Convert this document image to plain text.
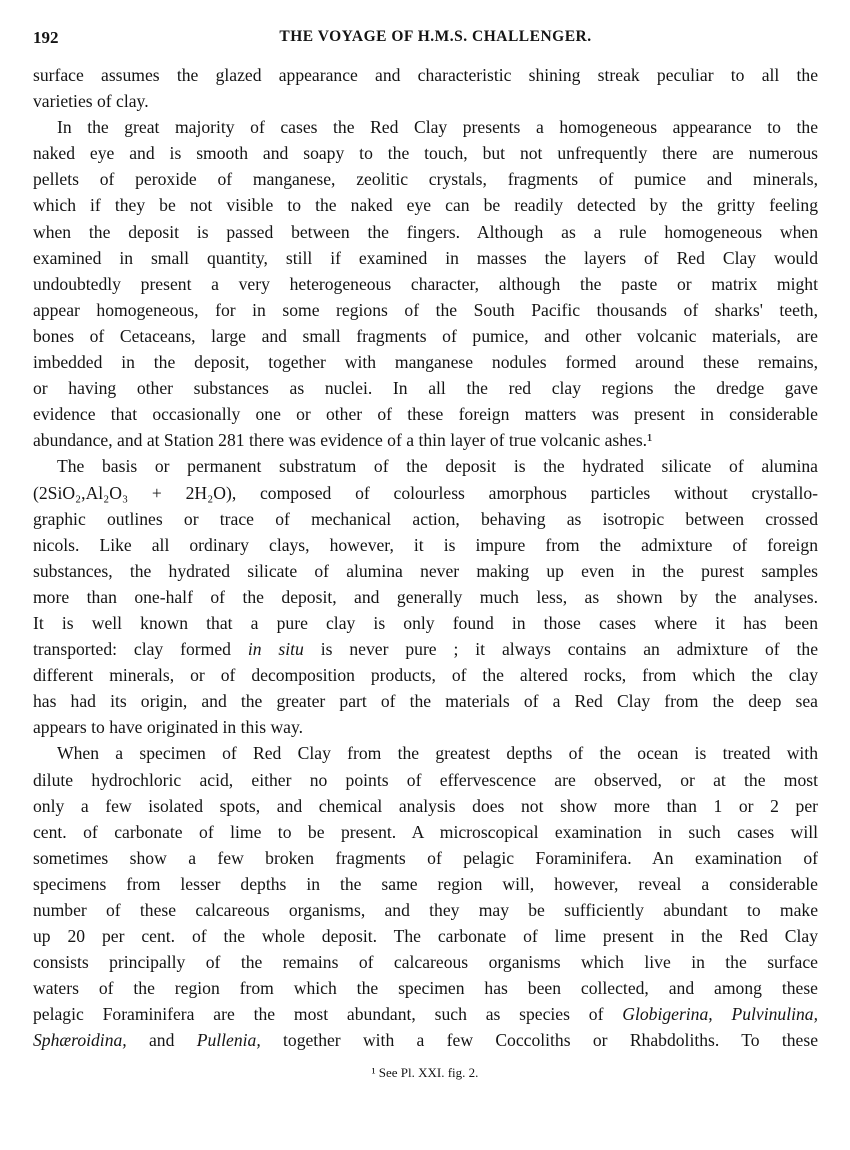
192	THE VOYAGE OF H.M.S. CHALLENGER.
surface assumes the glazed appearance and characteristic shining streak peculiar to all the
varieties of clay.
In the great majority of cases the Red Clay presents a homogeneous appearance to the
naked eye and is smooth and soapy to the touch, but not unfrequently there are numerous
pellets of peroxide of manganese, zeolitic crystals, fragments of pumice and minerals,
which if they be not visible to the naked eye can be readily detected by the gritty feeling
when the deposit is passed between the fingers. Although as a rule homogeneous when
examined in small quantity, still if examined in masses the layers of Red Clay would
undoubtedly present a very heterogeneous character, although the paste or matrix might
appear homogeneous, for in some regions of the South Pacific thousands of sharks' teeth,
bones of Cetaceans, large and small fragments of pumice, and other volcanic materials, are
imbedded in the deposit, together with manganese nodules formed around these remains,
or having other substances as nuclei. In all the red clay regions the dredge gave
evidence that occasionally one or other of these foreign matters was present in considerable
abundance, and at Station 281 there was evidence of a thin layer of true volcanic ashes.¹
The basis or permanent substratum of the deposit is the hydrated silicate of alumina
(2SiO₂,Al₂O₃ + 2H₂O), composed of colourless amorphous particles without crystallo-
graphic outlines or trace of mechanical action, behaving as isotropic between crossed
nicols. Like all ordinary clays, however, it is impure from the admixture of foreign
substances, the hydrated silicate of alumina never making up even in the purest samples
more than one-half of the deposit, and generally much less, as shown by the analyses.
It is well known that a pure clay is only found in those cases where it has been
transported: clay formed in situ is never pure ; it always contains an admixture of the
different minerals, or of decomposition products, of the altered rocks, from which the clay
has had its origin, and the greater part of the materials of a Red Clay from the deep sea
appears to have originated in this way.
When a specimen of Red Clay from the greatest depths of the ocean is treated with
dilute hydrochloric acid, either no points of effervescence are observed, or at the most
only a few isolated spots, and chemical analysis does not show more than 1 or 2 per
cent. of carbonate of lime to be present. A microscopical examination in such cases will
sometimes show a few broken fragments of pelagic Foraminifera. An examination of
specimens from lesser depths in the same region will, however, reveal a considerable
number of these calcareous organisms, and they may be sufficiently abundant to make
up 20 per cent. of the whole deposit. The carbonate of lime present in the Red Clay
consists principally of the remains of calcareous organisms which live in the surface
waters of the region from which the specimen has been collected, and among these
pelagic Foraminifera are the most abundant, such as species of Globigerina, Pulvinulina,
Sphæroidina, and Pullenia, together with a few Coccoliths or Rhabdoliths. To these
¹ See Pl. XXI. fig. 2.
